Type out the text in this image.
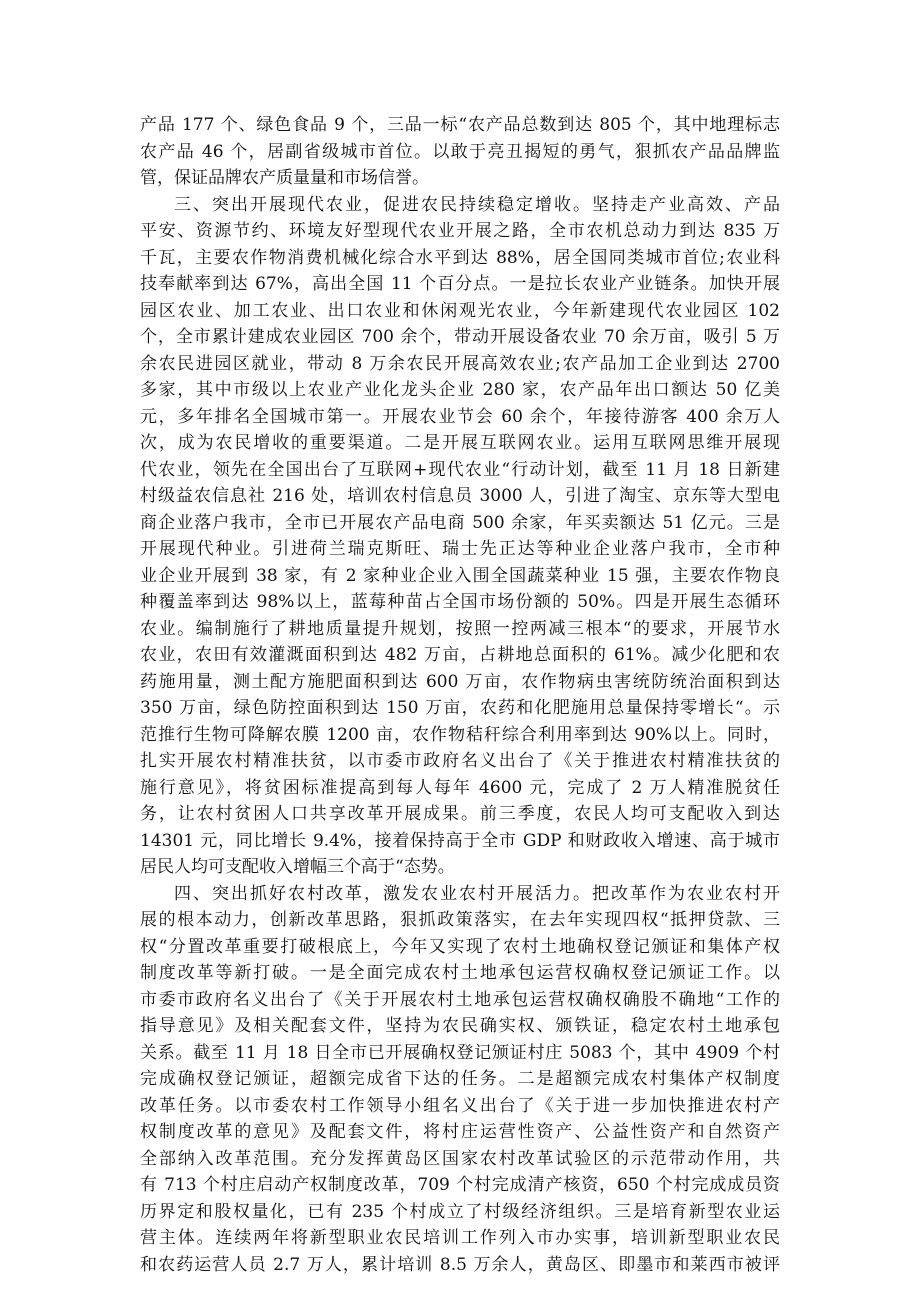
产品 177 个、绿色食品 9 个，三品一标“农产品总数到达 805 个，其中地理标志
农产品 46 个，居副省级城市首位。以敢于亮丑揭短的勇气，狠抓农产品品牌监
管，保证品牌农产质量量和市场信誉。
三、突出开展现代农业，促进农民持续稳定增收。坚持走产业高效、产品
平安、资源节约、环境友好型现代农业开展之路，全市农机总动力到达 835 万
千瓦，主要农作物消费机械化综合水平到达 88%，居全国同类城市首位;农业科
技奉献率到达 67%，高出全国 11 个百分点。一是拉长农业产业链条。加快开展
园区农业、加工农业、出口农业和休闲观光农业，今年新建现代农业园区 102
个，全市累计建成农业园区 700 余个，带动开展设备农业 70 余万亩，吸引 5 万
余农民进园区就业，带动 8 万余农民开展高效农业;农产品加工企业到达 2700
多家，其中市级以上农业产业化龙头企业 280 家，农产品年出口额达 50 亿美
元，多年排名全国城市第一。开展农业节会 60 余个，年接待游客 400 余万人
次，成为农民增收的重要渠道。二是开展互联网农业。运用互联网思维开展现
代农业，领先在全国出台了互联网+现代农业“行动计划，截至 11 月 18 日新建
村级益农信息社 216 处，培训农村信息员 3000 人，引进了淘宝、京东等大型电
商企业落户我市，全市已开展农产品电商 500 余家，年买卖额达 51 亿元。三是
开展现代种业。引进荷兰瑞克斯旺、瑞士先正达等种业企业落户我市，全市种
业企业开展到 38 家，有 2 家种业企业入围全国蔬菜种业 15 强，主要农作物良
种覆盖率到达 98%以上，蓝莓种苗占全国市场份额的 50%。四是开展生态循环
农业。编制施行了耕地质量提升规划，按照一控两减三根本“的要求，开展节水
农业，农田有效灌溉面积到达 482 万亩，占耕地总面积的 61%。减少化肥和农
药施用量，测土配方施肥面积到达 600 万亩，农作物病虫害统防统治面积到达
350 万亩，绿色防控面积到达 150 万亩，农药和化肥施用总量保持零增长“。示
范推行生物可降解农膜 1200 亩，农作物秸秆综合利用率到达 90%以上。同时，
扎实开展农村精准扶贫，以市委市政府名义出台了《关于推进农村精准扶贫的
施行意见》，将贫困标准提高到每人每年 4600 元，完成了 2 万人精准脱贫任
务，让农村贫困人口共享改革开展成果。前三季度，农民人均可支配收入到达
14301 元，同比增长 9.4%，接着保持高于全市 GDP 和财政收入增速、高于城市
居民人均可支配收入增幅三个高于“态势。
四、突出抓好农村改革，激发农业农村开展活力。把改革作为农业农村开
展的根本动力，创新改革思路，狠抓政策落实，在去年实现四权“抵押贷款、三
权“分置改革重要打破根底上，今年又实现了农村土地确权登记颁证和集体产权
制度改革等新打破。一是全面完成农村土地承包运营权确权登记颁证工作。以
市委市政府名义出台了《关于开展农村土地承包运营权确权确股不确地“工作的
指导意见》及相关配套文件，坚持为农民确实权、颁铁证，稳定农村土地承包
关系。截至 11 月 18 日全市已开展确权登记颁证村庄 5083 个，其中 4909 个村
完成确权登记颁证，超额完成省下达的任务。二是超额完成农村集体产权制度
改革任务。以市委农村工作领导小组名义出台了《关于进一步加快推进农村产
权制度改革的意见》及配套文件，将村庄运营性资产、公益性资产和自然资产
全部纳入改革范围。充分发挥黄岛区国家农村改革试验区的示范带动作用，共
有 713 个村庄启动产权制度改革，709 个村完成清产核资，650 个村完成成员资
历界定和股权量化，已有 235 个村成立了村级经济组织。三是培育新型农业运
营主体。连续两年将新型职业农民培训工作列入市办实事，培训新型职业农民
和农药运营人员 2.7 万人，累计培训 8.5 万余人，黄岛区、即墨市和莱西市被评
